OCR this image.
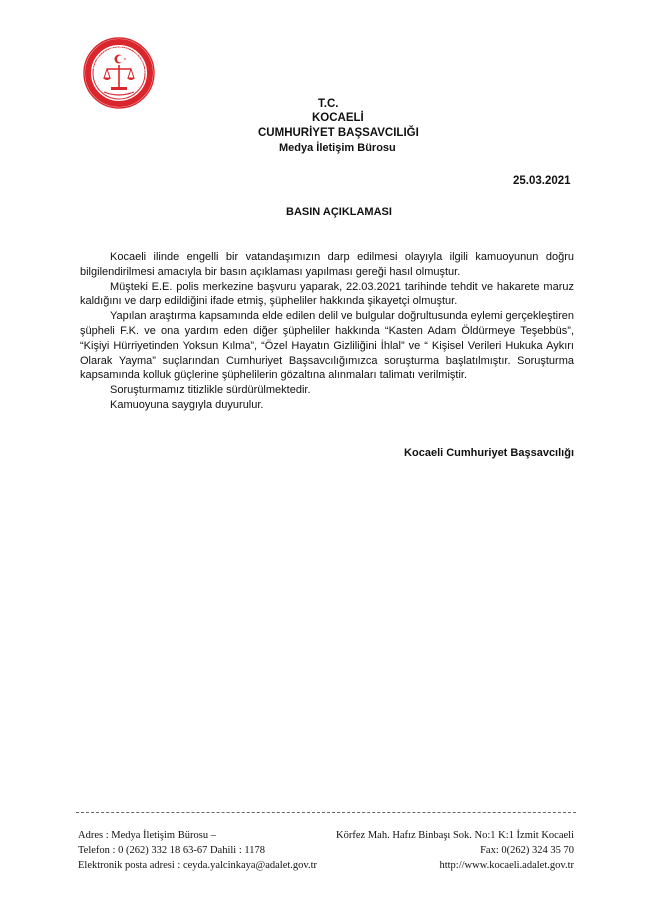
KOCAELİ CUMHURİYET BAŞSAVCILI
T.C.
KOCAELİ
CUMHURİYET BAŞSAVCILIĞI
Medya İletişim Bürosu
25.03.2021
BASIN AÇIKLAMASI

Kocaeli ilinde engelli bir vatandaşımızın darp edilmesi olayıyla ilgili kamuoyunun doğru bilgilendirilmesi amacıyla bir basın açıklaması yapılması gereği hasıl olmuştur.

Müşteki E.E. polis merkezine başvuru yaparak, 22.03.2021 tarihinde tehdit ve hakarete maruz kaldığını ve darp edildiğini ifade etmiş, şüpheliler hakkında şikayetçi olmuştur.

Yapılan araştırma kapsamında elde edilen delil ve bulgular doğrultusunda eylemi gerçekleştiren şüpheli F.K. ve ona yardım eden diğer şüpheliler hakkında “Kasten Adam Öldürmeye Teşebbüs”, “Kişiyi Hürriyetinden Yoksun Kılma”, “Özel Hayatın Gizliliğini İhlal” ve “ Kişisel Verileri Hukuka Aykırı Olarak Yayma” suçlarından Cumhuriyet Başsavcılığımızca soruşturma başlatılmıştır. Soruşturma kapsamında kolluk güçlerine şüphelilerin gözaltına alınmaları talimatı verilmiştir.

Soruşturmamız titizlikle sürdürülmektedir.

Kamuoyuna saygıyla duyurulur.

Kocaeli Cumhuriyet Başsavcılığı
Adres : Medya İletişim Bürosu –	Körfez Mah. Hafız Binbaşı Sok. No:1 K:1 İzmit Kocaeli
Telefon : 0 (262) 332 18 63-67 Dahili : 1178	Fax: 0(262) 324 35 70
Elektronik posta adresi : ceyda.yalcinkaya@adalet.gov.tr	http://www.kocaeli.adalet.gov.tr
